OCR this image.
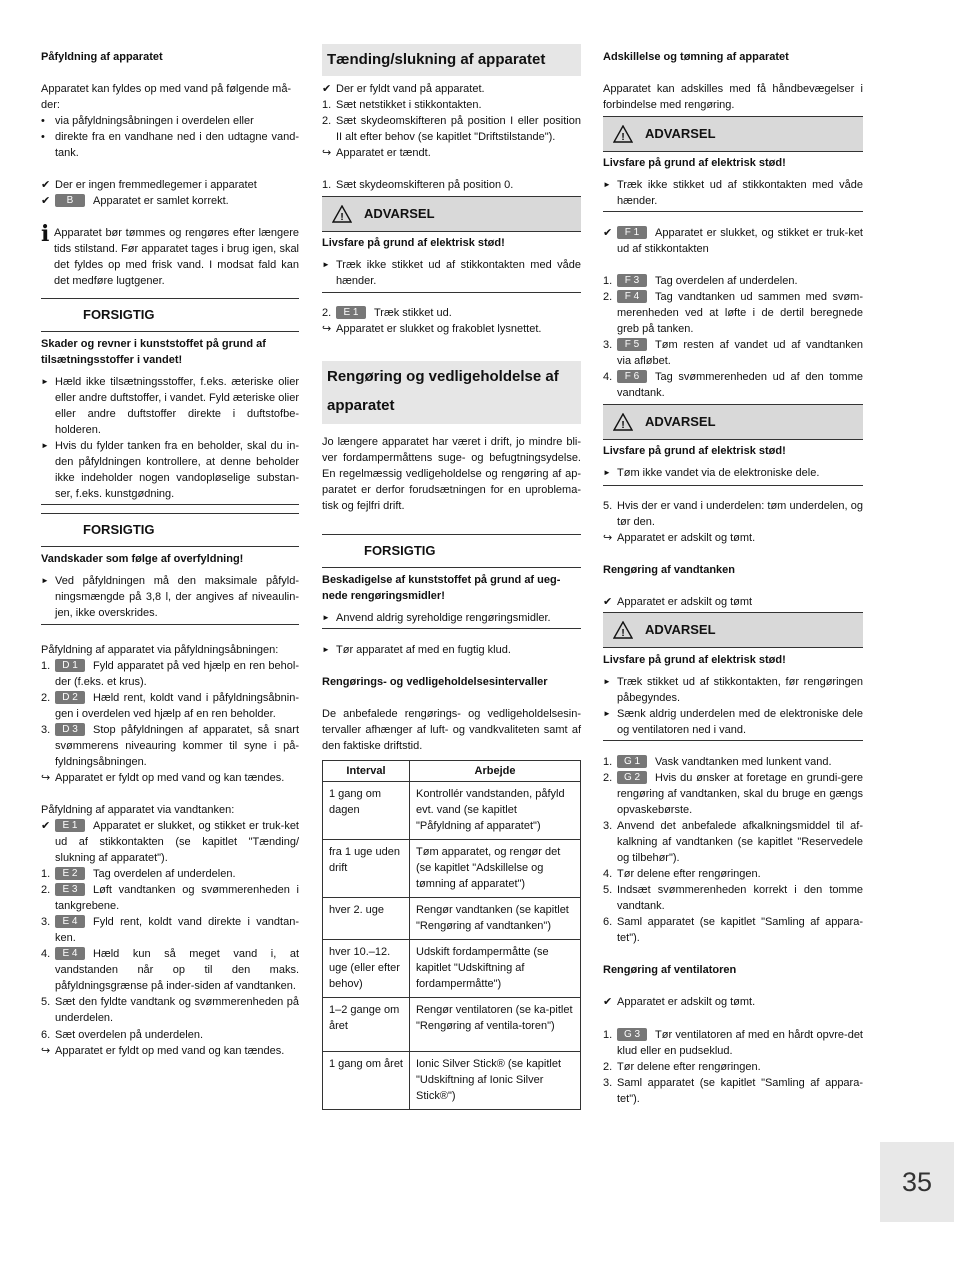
Påfyldning af apparatet
Apparatet kan fyldes op med vand på følgende må-
der:
• via påfyldningsåbningen i overdelen eller
• direkte fra en vandhane ned i den udtagne vand-tank.
✔ Der er ingen fremmedlegemer i apparatet
✔ B Apparatet er samlet korrekt.
i Apparatet bør tømmes og rengøres efter længere tids stilstand. Før apparatet tages i brug igen, skal det fyldes op med frisk vand. I modsat fald kan det medføre lugtgener.
FORSIGTIG
Skader og revner i kunststoffet på grund af tilsætningsstoffer i vandet!
► Hæld ikke tilsætningsstoffer, f.eks. æteriske olier eller andre duftstoffer, i vandet. Fyld æteriske olier eller andre duftstoffer direkte i duftstofbe-holderen.
► Hvis du fylder tanken fra en beholder, skal du in-den påfyldningen kontrollere, at denne beholder ikke indeholder nogen vandopløselige substan-ser, f.eks. kunstgødning.
FORSIGTIG
Vandskader som følge af overfyldning!
► Ved påfyldningen må den maksimale påfyld-ningsmængde på 3,8 l, der angives af niveaulin-jen, ikke overskrides.
Påfyldning af apparatet via påfyldningsåbningen:
1. D 1 Fyld apparatet på ved hjælp en ren behol-der (f.eks. et krus).
2. D 2 Hæld rent, koldt vand i påfyldningsåbnin-gen i overdelen ved hjælp af en ren beholder.
3. D 3 Stop påfyldningen af apparatet, så snart svømmerens niveauring kommer til syne i på-fyldningsåbningen.
↪ Apparatet er fyldt op med vand og kan tændes.
Påfyldning af apparatet via vandtanken:
✔ E 1 Apparatet er slukket, og stikket er truk-ket ud af stikkontakten (se kapitlet "Tænding/ slukning af apparatet").
1. E 2 Tag overdelen af underdelen.
2. E 3 Løft vandtanken og svømmerenheden i tankgrebene.
3. E 4 Fyld rent, koldt vand direkte i vandtan-ken.
4. E 4 Hæld kun så meget vand i, at vandstanden når op til den maks. påfyldningsgrænse på inder-siden af vandtanken.
5. Sæt den fyldte vandtank og svømmerenheden på underdelen.
6. Sæt overdelen på underdelen.
↪ Apparatet er fyldt op med vand og kan tændes.
Tænding/slukning af apparatet
✔ Der er fyldt vand på apparatet.
1. Sæt netstikket i stikkontakten.
2. Sæt skydeomskifteren på position I eller position II alt efter behov (se kapitlet "Driftstilstande").
↪ Apparatet er tændt.
1. Sæt skydeomskifteren på position 0.
! ADVARSEL
Livsfare på grund af elektrisk stød!
► Træk ikke stikket ud af stikkontakten med våde hænder.
2. E 1 Træk stikket ud.
↪ Apparatet er slukket og frakoblet lysnettet.
Rengøring og vedligeholdelse af apparatet
Jo længere apparatet har været i drift, jo mindre bli-ver fordampermåttens suge- og befugtningsydelse. En regelmæssig vedligeholdelse og rengøring af ap-paratet er derfor forudsætningen for en uproblema-tisk og fejlfri drift.
FORSIGTIG
Beskadigelse af kunststoffet på grund af ueg-nede rengøringsmidler!
► Anvend aldrig syreholdige rengøringsmidler.
► Tør apparatet af med en fugtig klud.
Rengørings- og vedligeholdelsesintervaller
De anbefalede rengørings- og vedligeholdelsesin-tervaller afhænger af luft- og vandkvaliteten samt af den faktiske driftstid.
Interval	Arbejde
1 gang om dagen	Kontrollér vandstanden, påfyld evt. vand (se kapitlet "Påfyldning af apparatet")
fra 1 uge uden drift	Tøm apparatet, og rengør det (se kapitlet "Adskillelse og tømning af apparatet")
hver 2. uge	Rengør vandtanken (se kapitlet "Rengøring af vandtanken")
hver 10.–12. uge (eller efter behov)	Udskift fordampermåtte (se kapitlet "Udskiftning af fordampermåtte")
1–2 gange om året	Rengør ventilatoren (se ka-pitlet "Rengøring af ventila-toren")
1 gang om året	Ionic Silver Stick® (se kapitlet "Udskiftning af Ionic Silver Stick®")
Adskillelse og tømning af apparatet
Apparatet kan adskilles med få håndbevægelser i forbindelse med rengøring.
! ADVARSEL
Livsfare på grund af elektrisk stød!
► Træk ikke stikket ud af stikkontakten med våde hænder.
✔ F 1 Apparatet er slukket, og stikket er truk-ket ud af stikkontakten
1. F 3 Tag overdelen af underdelen.
2. F 4 Tag vandtanken ud sammen med svøm-merenheden ved at løfte i de dertil beregnede greb på tanken.
3. F 5 Tøm resten af vandet ud af vandtanken via afløbet.
4. F 6 Tag svømmerenheden ud af den tomme vandtank.
! ADVARSEL
Livsfare på grund af elektrisk stød!
► Tøm ikke vandet via de elektroniske dele.
5. Hvis der er vand i underdelen: tøm underdelen, og tør den.
↪ Apparatet er adskilt og tømt.
Rengøring af vandtanken
✔ Apparatet er adskilt og tømt
! ADVARSEL
Livsfare på grund af elektrisk stød!
► Træk stikket ud af stikkontakten, før rengøringen påbegyndes.
► Sænk aldrig underdelen med de elektroniske dele og ventilatoren ned i vand.
1. G 1 Vask vandtanken med lunkent vand.
2. G 2 Hvis du ønsker at foretage en grundi-gere rengøring af vandtanken, skal du bruge en gængs opvaskebørste.
3. Anvend det anbefalede afkalkningsmiddel til af-kalkning af vandtanken (se kapitlet "Reservedele og tilbehør").
4. Tør delene efter rengøringen.
5. Indsæt svømmerenheden korrekt i den tomme vandtank.
6. Saml apparatet (se kapitlet "Samling af appara-tet").
Rengøring af ventilatoren
✔ Apparatet er adskilt og tømt.
1. G 3 Tør ventilatoren af med en hårdt opvre-det klud eller en pudseklud.
2. Tør delene efter rengøringen.
3. Saml apparatet (se kapitlet "Samling af appara-tet").
35
